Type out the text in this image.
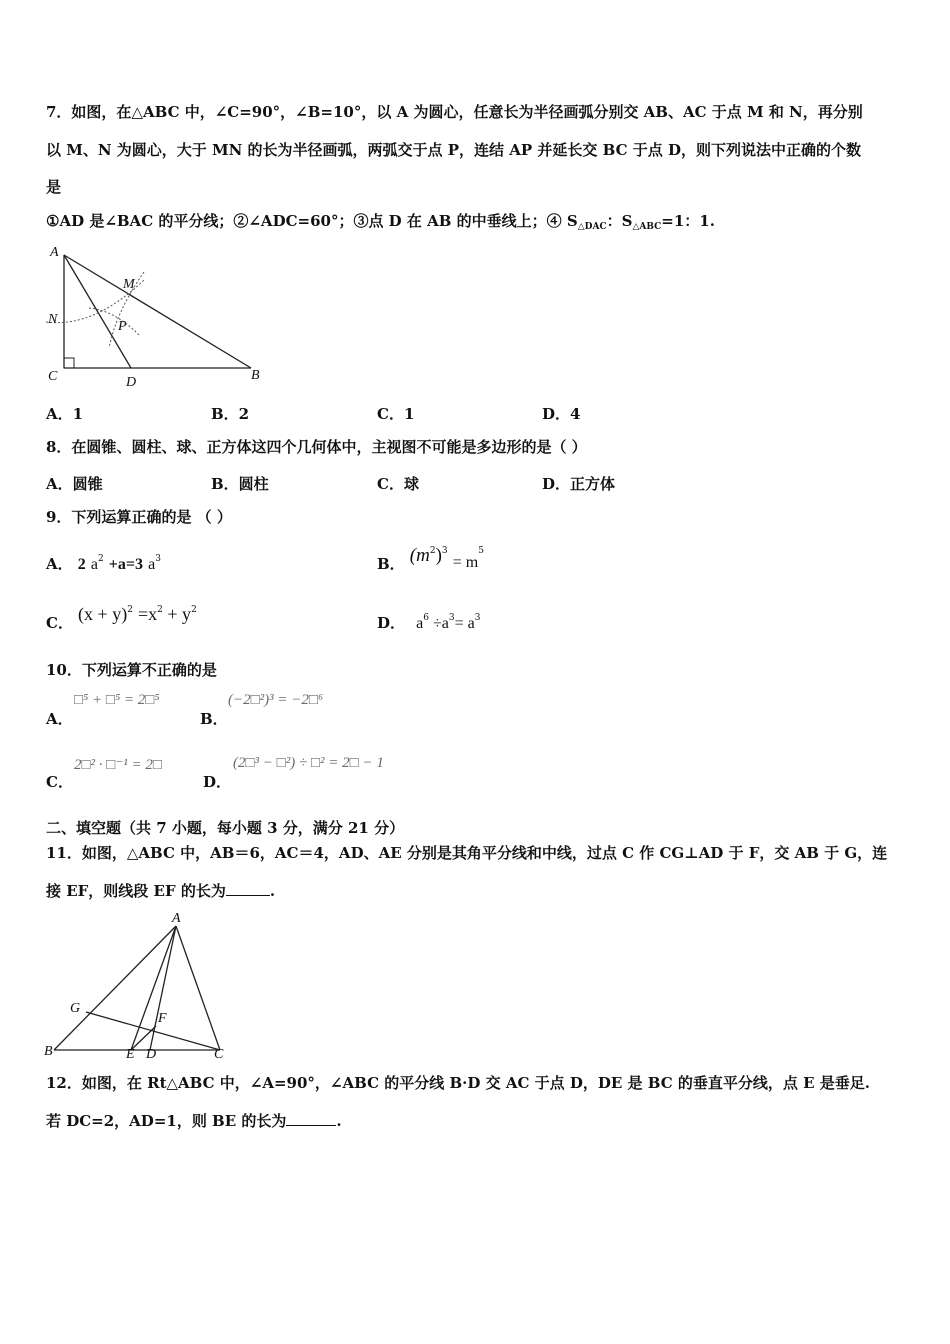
7．如图，在△ABC 中，∠C=90°，∠B=10°，以 A 为圆心，任意长为半径画弧分别交 AB、AC 于点 M 和 N，再分别
以 M、N 为圆心，大于 MN 的长为半径画弧，两弧交于点 P，连结 AP 并延长交 BC 于点 D，则下列说法中正确的个数
是
①AD 是∠BAC 的平分线；②∠ADC=60°；③点 D 在 AB 的中垂线上；④ $S_{\triangle DAC}$：$S_{\triangle ABC}=1$：1.
A
M
N	P
C	D	B
A．1	B．2	C．1	D．4
8．在圆锥、圆柱、球、正方体这四个几何体中，主视图不可能是多边形的是（ ）
A．圆锥	B．圆柱	C．球	D．正方体
9．下列运算正确的是 （ ）
A． 2 $a^2 +a=3$ $a^3$	B． $(m^2)^3 = m^5$
C． $(x + y)^2 =x^2 + y^2$
D． $a^6 \div a^3= a^3$
10．下列运算不正确的是
A．
□⁵ + □⁵ = 2□⁵
B．
(−2□²)³ = −2□⁶
C．
2□² · □⁻¹ = 2□
D．
(2□³ − □²) ÷ □² = 2□ − 1
二、填空题（共 7 小题，每小题 3 分，满分 21 分）
11．如图，△ABC 中，AB＝6，AC＝4，AD、AE 分别是其角平分线和中线，过点 C 作 CG⊥AD 于 F，交 AB 于 G，连
接 EF，则线段 EF 的长为	.
A
G
F
B	E D	C
12．如图，在 Rt△ABC 中，∠A=90°，∠ABC 的平分线 B·D 交 AC 于点 D，DE 是 BC 的垂直平分线，点 E 是垂足.
若 DC=2，AD=1，则 BE 的长为	.
